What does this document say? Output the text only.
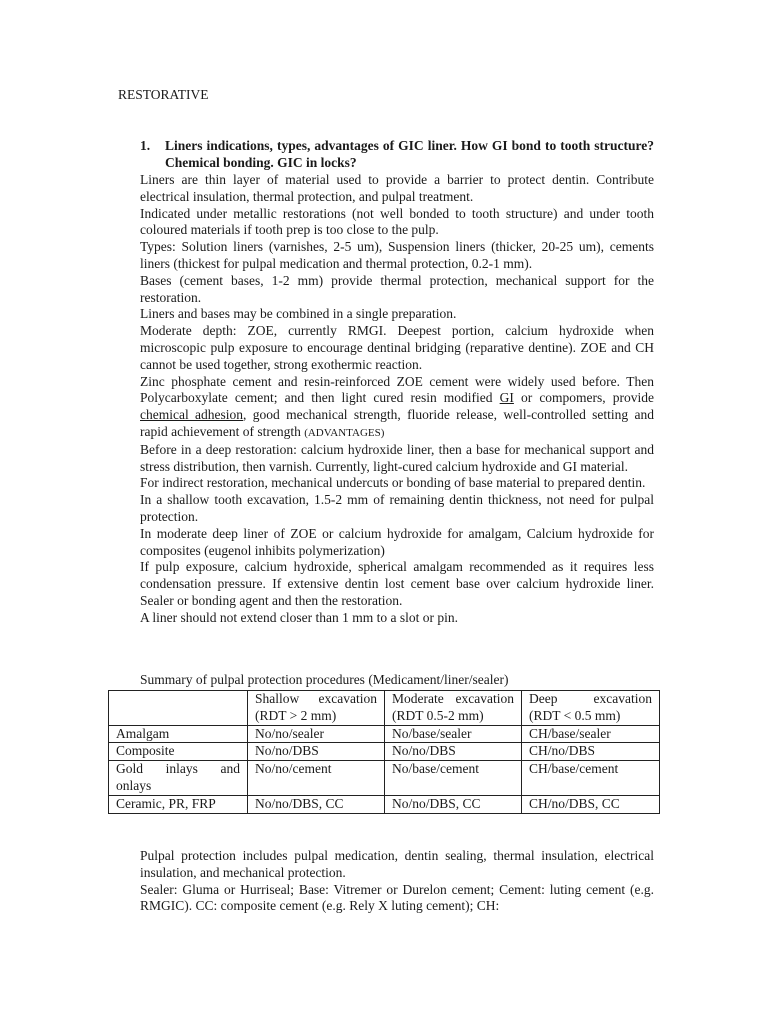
RESTORATIVE
1. Liners indications, types, advantages of GIC liner. How GI bond to tooth structure? Chemical bonding. GIC in locks?

Liners are thin layer of material used to provide a barrier to protect dentin. Contribute electrical insulation, thermal protection, and pulpal treatment.

Indicated under metallic restorations (not well bonded to tooth structure) and under tooth coloured materials if tooth prep is too close to the pulp.

Types: Solution liners (varnishes, 2-5 um), Suspension liners (thicker, 20-25 um), cements liners (thickest for pulpal medication and thermal protection, 0.2-1 mm).

Bases (cement bases, 1-2 mm) provide thermal protection, mechanical support for the restoration.

Liners and bases may be combined in a single preparation.

Moderate depth: ZOE, currently RMGI. Deepest portion, calcium hydroxide when microscopic pulp exposure to encourage dentinal bridging (reparative dentine). ZOE and CH cannot be used together, strong exothermic reaction.

Zinc phosphate cement and resin-reinforced ZOE cement were widely used before. Then Polycarboxylate cement; and then light cured resin modified GI or compomers, provide chemical adhesion, good mechanical strength, fluoride release, well-controlled setting and rapid achievement of strength (ADVANTAGES)

Before in a deep restoration: calcium hydroxide liner, then a base for mechanical support and stress distribution, then varnish. Currently, light-cured calcium hydroxide and GI material.

For indirect restoration, mechanical undercuts or bonding of base material to prepared dentin.

In a shallow tooth excavation, 1.5-2 mm of remaining dentin thickness, not need for pulpal protection.

In moderate deep liner of ZOE or calcium hydroxide for amalgam, Calcium hydroxide for composites (eugenol inhibits polymerization)

If pulp exposure, calcium hydroxide, spherical amalgam recommended as it requires less condensation pressure. If extensive dentin lost cement base over calcium hydroxide liner. Sealer or bonding agent and then the restoration.

A liner should not extend closer than 1 mm to a slot or pin.

Summary of pulpal protection procedures (Medicament/liner/sealer)
	Shallow excavation (RDT > 2 mm)	Moderate excavation (RDT 0.5-2 mm)	Deep excavation (RDT < 0.5 mm)
Amalgam	No/no/sealer	No/base/sealer	CH/base/sealer
Composite	No/no/DBS	No/no/DBS	CH/no/DBS
Gold inlays and onlays	No/no/cement	No/base/cement	CH/base/cement
Ceramic, PR, FRP	No/no/DBS, CC	No/no/DBS, CC	CH/no/DBS, CC

Pulpal protection includes pulpal medication, dentin sealing, thermal insulation, electrical insulation, and mechanical protection.

Sealer: Gluma or Hurriseal; Base: Vitremer or Durelon cement; Cement: luting cement (e.g. RMGIC). CC: composite cement (e.g. Rely X luting cement); CH:
